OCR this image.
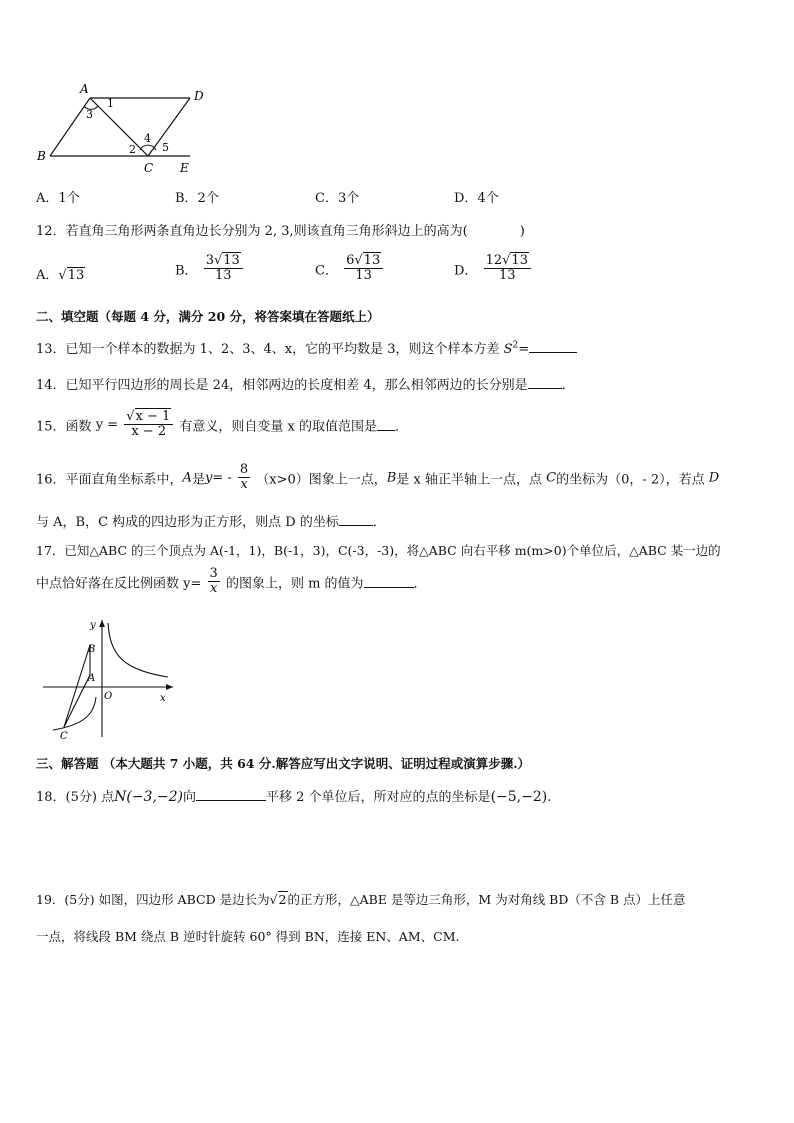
A	D
B
C E
1
3
2
4
5
A．1个	B．2个	C．3个	D．4个
12．若直角三角形两条直角边长分别为 2, 3,则该直角三角形斜边上的高为(	)
A．√13	B． $\frac{3√13}{13}$	C． $\frac{6√13}{13}$	D． $\frac{12√13}{13}$
二、填空题（每题 4 分，满分 20 分，将答案填在答题纸上）
13．已知一个样本的数据为 1、2、3、4、x，它的平均数是 3，则这个样本方差 $S^2=$
14．已知平行四边形的周长是 24，相邻两边的长度相差 4，那么相邻两边的长分别是	．
15．函数 $y = \frac{√x - 1}{x - 2}$ 有意义，则自变量 x 的取值范围是 ．
16．平面直角坐标系中，A是$y= - \frac{8}{x} (x>0)$图象上一点，B是 x 轴正半轴上一点，点 C的坐标为（0，- 2），若点 D
与 A，B，C 构成的四边形为正方形，则点 D 的坐标	．
17．已知△ABC 的三个顶点为 A(-1，1)，B(-1，3)，C(-3，-3)，将△ABC 向右平移 m(m>0)个单位后，△ABC 某一边的
中点恰好落在反比例函数 $y= \frac{3}{x}$ 的图象上，则 m 的值为	．
y
x
O
A
B
C
三、解答题 （本大题共 7 小题，共 64 分.解答应写出文字说明、证明过程或演算步骤.）
18．(5分) 点N(−3,−2)向	平移 2 个单位后，所对应的点的坐标是(−5,−2).
19．(5分) 如图，四边形 ABCD 是边长为√2的正方形，△ABE 是等边三角形，M 为对角线 BD（不含 B 点）上任意
一点，将线段 BM 绕点 B 逆时针旋转 60° 得到 BN，连接 EN、AM、CM.
